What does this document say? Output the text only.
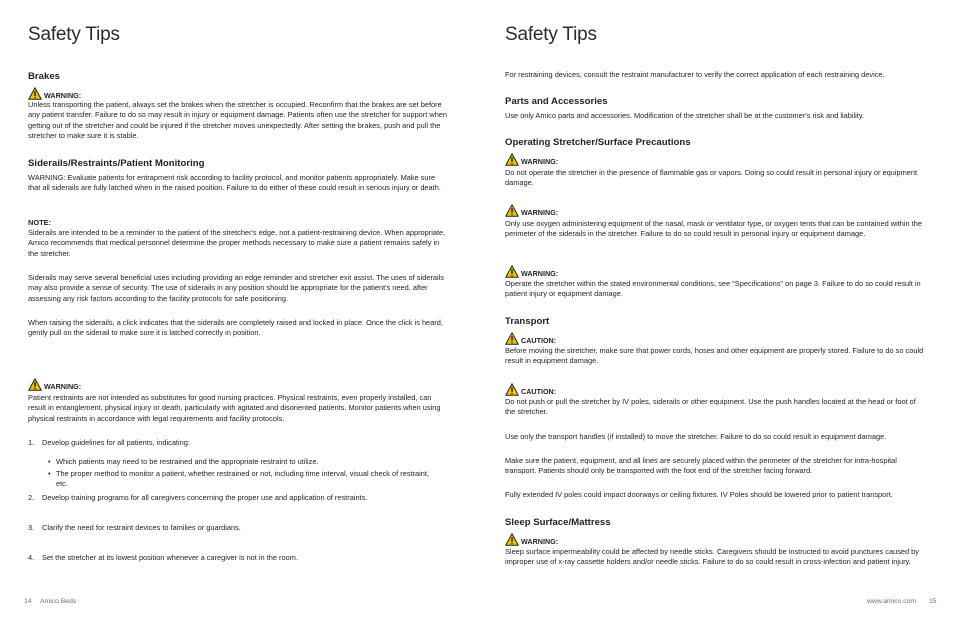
Safety Tips
Brakes
WARNING:
Unless transporting the patient, always set the brakes when the stretcher is occupied. Reconfirm that the brakes are set before any patient transfer. Failure to do so may result in injury or equipment damage. Patients often use the stretcher for support when getting out of the stretcher and could be injured if the stretcher moves unexpectedly. After setting the brakes, push and pull the stretcher to make sure it is stable.
Siderails/Restraints/Patient Monitoring
WARNING: Evaluate patients for entrapment risk according to facility protocol, and monitor patients appropriately. Make sure that all siderails are fully latched when in the raised position. Failure to do either of these could result in serious injury or death.
NOTE:
Siderails are intended to be a reminder to the patient of the stretcher's edge, not a patient-restraining device. When appropriate, Amico recommends that medical personnel determine the proper methods necessary to make sure a patient remains safely in the stretcher.
Siderails may serve several beneficial uses including providing an edge reminder and stretcher exit assist. The uses of siderails may also provide a sense of security. The use of siderails in any position should be appropriate for the patient's need, after assessing any risk factors according to the facility protocols for safe positioning.
When raising the siderails, a click indicates that the siderails are completely raised and locked in place. Once the click is heard, gently pull on the siderail to make sure it is latched correctly in position.
WARNING:
Patient restraints are not intended as substitutes for good nursing practices. Physical restraints, even properly installed, can result in entanglement, physical injury or death, particularly with agitated and disoriented patients. Monitor patients when using physical restraints in accordance with legal requirements and facility protocols.
1. Develop guidelines for all patients, indicating:
• Which patients may need to be restrained and the appropriate restraint to utilize.
• The proper method to monitor a patient, whether restrained or not, including time interval, visual check of restraint, etc.
2. Develop training programs for all caregivers concerning the proper use and application of restraints.
3. Clarify the need for restraint devices to families or guardians.
4. Set the stretcher at its lowest position whenever a caregiver is not in the room.
14 Amico Beds
Safety Tips
For restraining devices, consult the restraint manufacturer to verify the correct application of each restraining device.
Parts and Accessories
Use only Amico parts and accessories. Modification of the stretcher shall be at the customer's risk and liability.
Operating Stretcher/Surface Precautions
WARNING:
Do not operate the stretcher in the presence of flammable gas or vapors. Doing so could result in personal injury or equipment damage.
WARNING:
Only use oxygen administering equipment of the nasal, mask or ventilator type, or oxygen tents that can be contained within the perimeter of the siderails in the stretcher. Failure to do so could result in personal injury or equipment damage.
WARNING:
Operate the stretcher within the stated environmental conditions, see "Specifications" on page 3. Failure to do so could result in patient injury or equipment damage.
Transport
CAUTION:
Before moving the stretcher, make sure that power cords, hoses and other equipment are properly stored. Failure to do so could result in equipment damage.
CAUTION:
Do not push or pull the stretcher by IV poles, siderails or other equipment. Use the push handles located at the head or foot of the stretcher.
Use only the transport handles (if installed) to move the stretcher. Failure to do so could result in equipment damage.
Make sure the patient, equipment, and all lines are securely placed within the perimeter of the stretcher for intra-hospital transport. Patients should only be transported with the foot end of the stretcher facing forward.
Fully extended IV poles could impact doorways or ceiling fixtures. IV Poles should be lowered prior to patient transport.
Sleep Surface/Mattress
WARNING:
Sleep surface impermeability could be affected by needle sticks. Caregivers should be instructed to avoid punctures caused by improper use of x-ray cassette holders and/or needle sticks. Failure to do so could result in cross-infection and patient injury.
www.amico.com 15
